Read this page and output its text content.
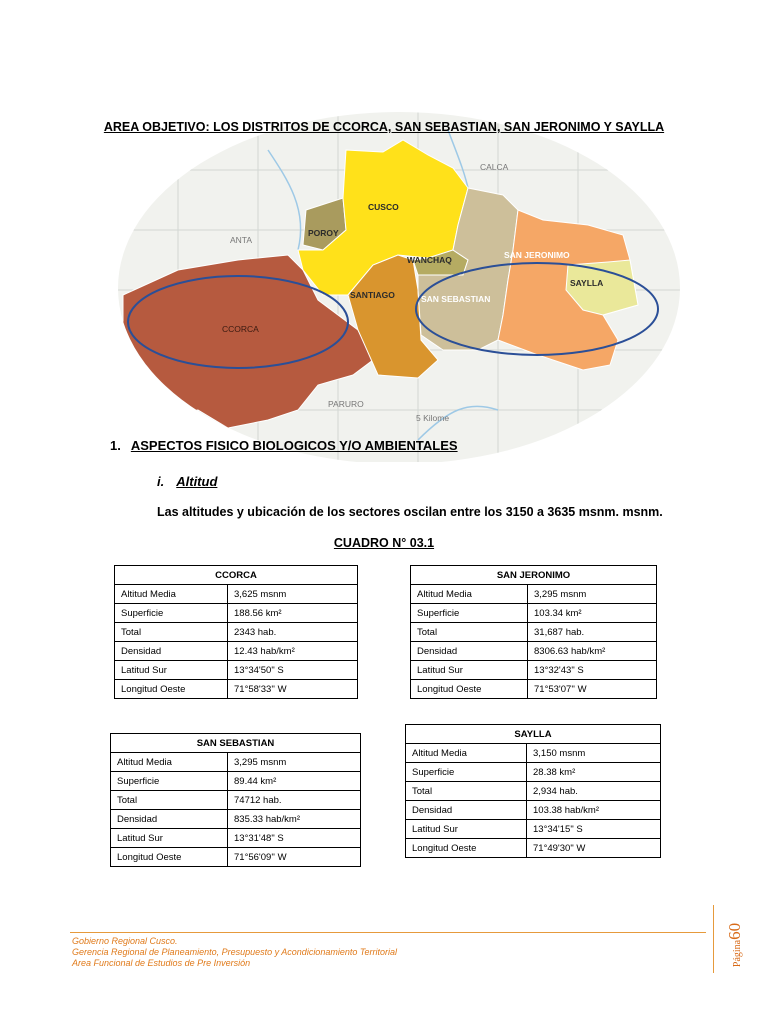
AREA OBJETIVO: LOS DISTRITOS DE CCORCA, SAN SEBASTIAN, SAN JERONIMO Y SAYLLA
CALCA
CUSCO
ANTA
POROY
WANCHAQ	SAN JERONIMO
SAYLLA
SANTIAGO	SAN SEBASTIAN
CCORCA
PARURO
5 Kilome
1. ASPECTOS FISICO BIOLOGICOS Y/O AMBIENTALES
i. Altitud
Las altitudes y ubicación de los sectores oscilan entre los 3150 a 3635 msnm. msnm.
CUADRO N° 03.1
CCORCA	
Altitud Media	3,625 msnm
Superficie	188.56 km²
Total	2343 hab.
Densidad	12.43 hab/km²
Latitud Sur	13°34'50" S
Longitud Oeste	71°58'33'' W
SAN JERONIMO	
Altitud Media	3,295 msnm
Superficie	103.34 km²
Total	31,687 hab.
Densidad	8306.63 hab/km²
Latitud Sur	13°32'43" S
Longitud Oeste	71°53'07'' W
SAN SEBASTIAN	
Altitud Media	3,295 msnm
Superficie	89.44 km²
Total	74712 hab.
Densidad	835.33 hab/km²
Latitud Sur	13°31'48" S
Longitud Oeste	71°56'09'' W
SAYLLA	
Altitud Media	3,150 msnm
Superficie	28.38 km²
Total	2,934 hab.
Densidad	103.38 hab/km²
Latitud Sur	13°34'15" S
Longitud Oeste	71°49'30" W
Gobierno Regional Cusco.
Gerencia Regional de Planeamiento, Presupuesto y Acondicionamiento Territorial
Area Funcional de Estudios de Pre Inversión	Página60
